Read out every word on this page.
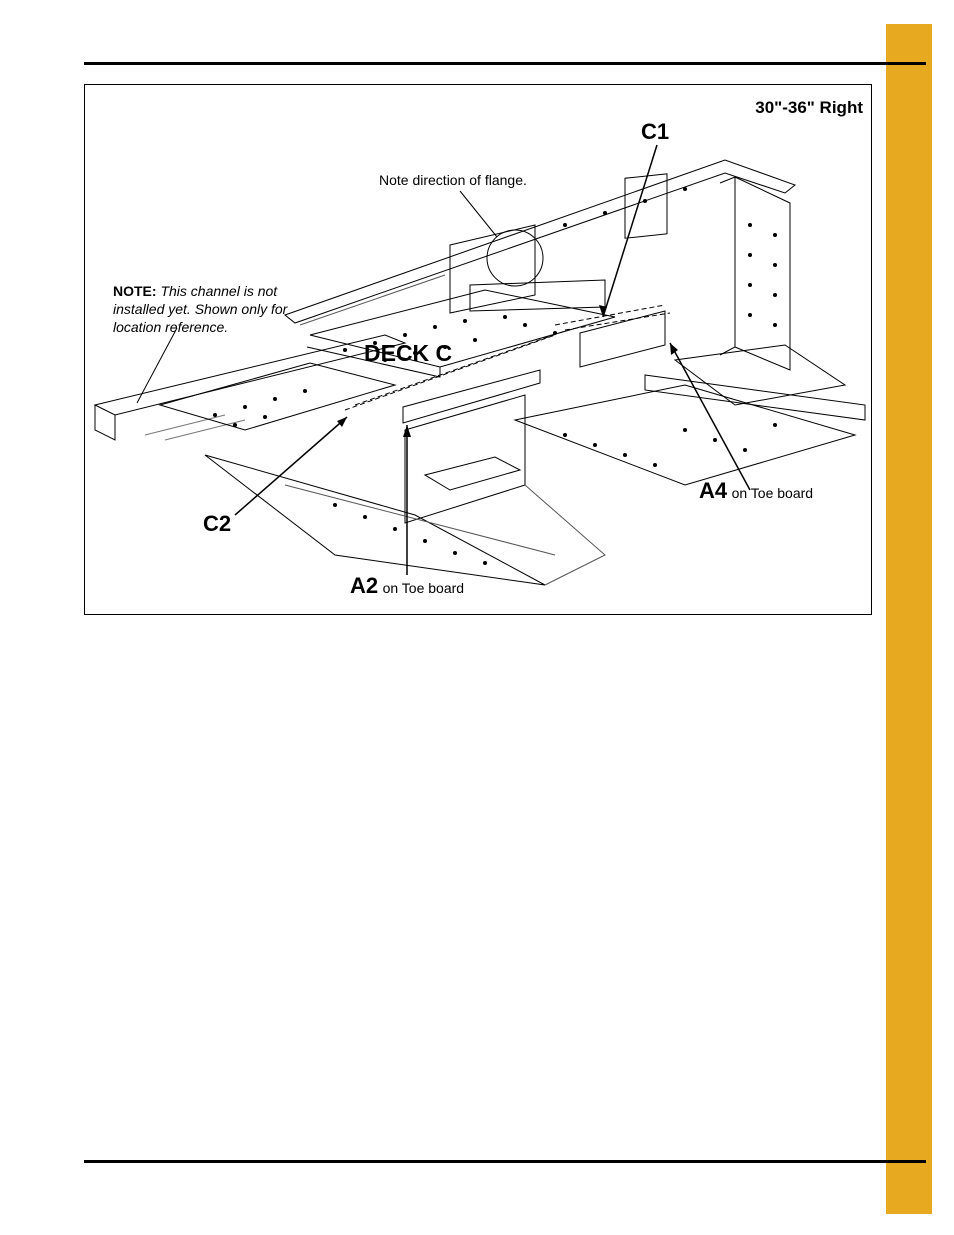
30"-36" Right
C1
Note direction of flange.
NOTE: This channel is not installed yet. Shown only for location reference.
DECK C
A4 on Toe board
C2
A2 on Toe board
